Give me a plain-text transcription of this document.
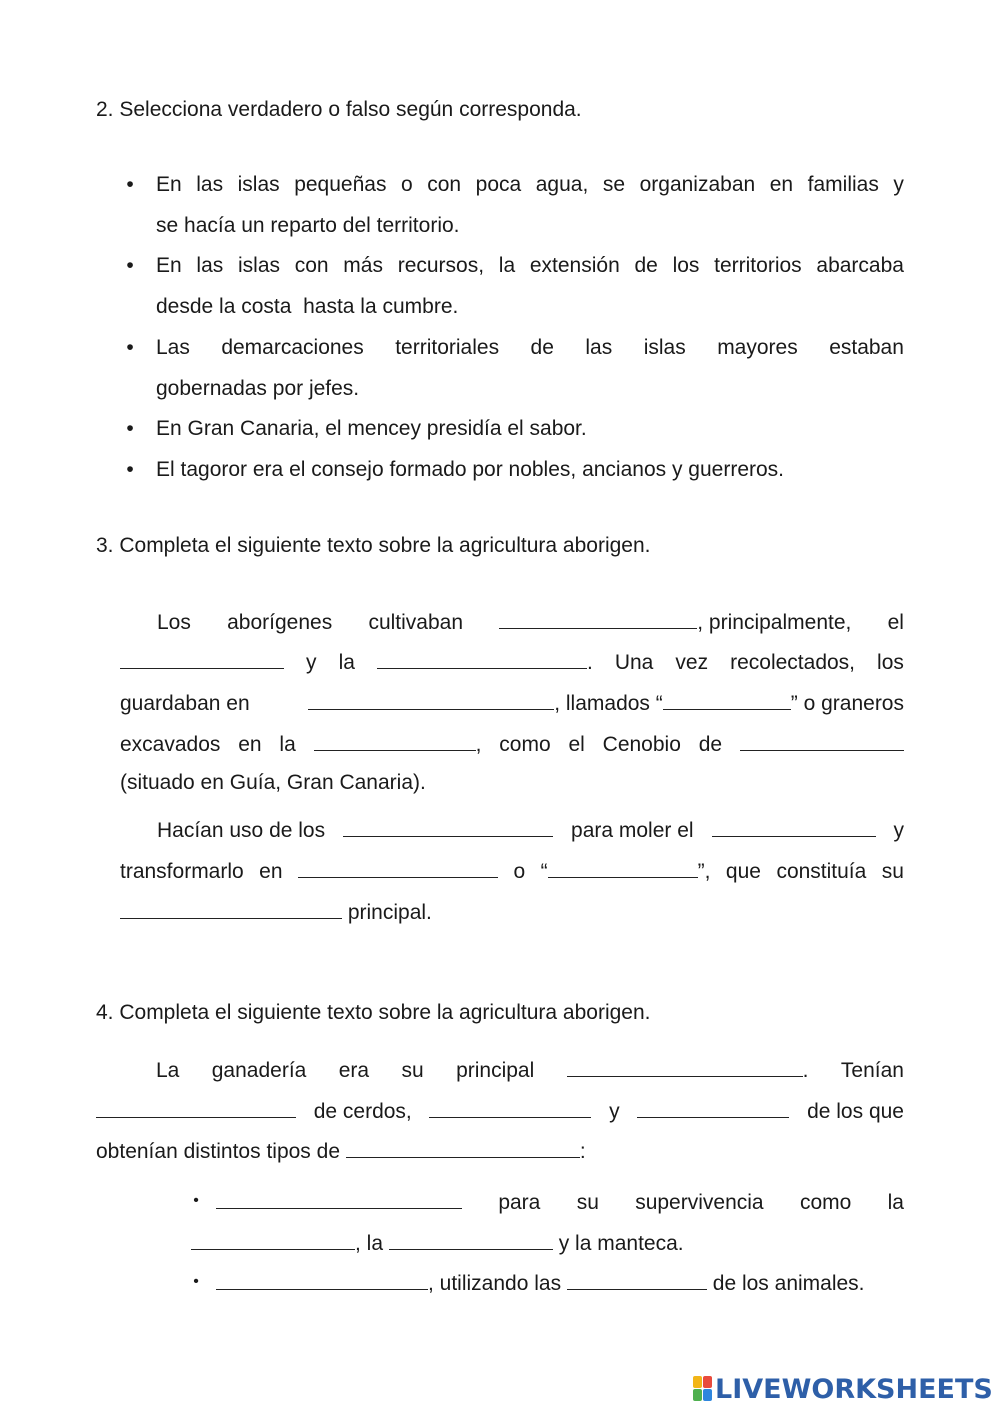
2. Selecciona verdadero o falso según corresponda.
•	En las islas pequeñas o con poca agua, se organizaban en familias y
se hacía un reparto del territorio.
•	En las islas con más recursos, la extensión de los territorios abarcaba
desde la costa  hasta la cumbre.
•	Las demarcaciones territoriales de las islas mayores estaban
gobernadas por jefes.
•	En Gran Canaria, el mencey presidía el sabor.
•	El tagoror era el consejo formado por nobles, ancianos y guerreros.
3. Completa el siguiente texto sobre la agricultura aborigen.
Los aborígenes cultivaban	, principalmente, el
y la	. Una vez recolectados, los
guardaban en	, llamados “	” o graneros
excavados en la	, como el Cenobio de
(situado en Guía, Gran Canaria).
Hacían uso de los	para moler el	y
transformarlo en	o “	”, que constituía su
principal.
4. Completa el siguiente texto sobre la agricultura aborigen.
La ganadería era su principal	. Tenían
de cerdos,	y	de los que
obtenían distintos tipos de	:
•	para su supervivencia como la
, la	y la manteca.
•	, utilizando las	de los animales.
LIVEWORKSHEETS
